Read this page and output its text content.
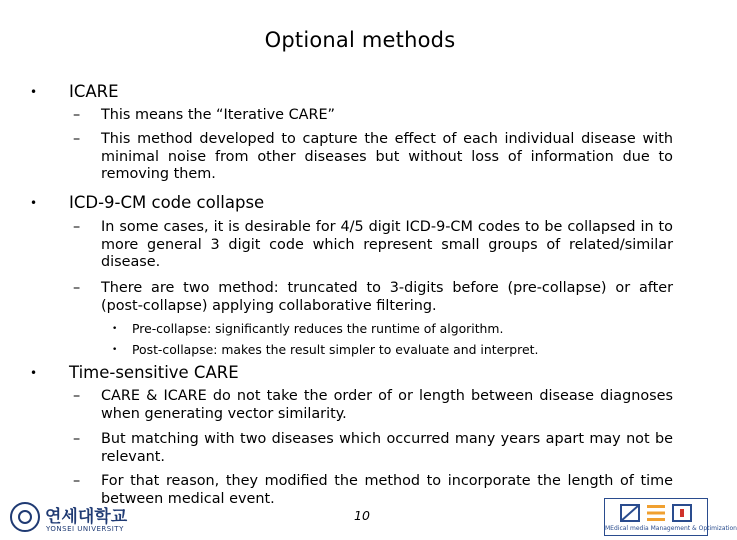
Optional methods
• ICARE
– This means the “Iterative CARE”
– This method developed to capture the effect of each individual disease with minimal noise from other diseases but without loss of information due to removing them.
• ICD-9-CM code collapse
– In some cases, it is desirable for 4/5 digit ICD-9-CM codes to be collapsed in to more general 3 digit code which represent small groups of related/similar disease.
– There are two method: truncated to 3-digits before (pre-collapse) or after (post-collapse) applying collaborative filtering.
• Pre-collapse: significantly reduces the runtime of algorithm.
• Post-collapse: makes the result simpler to evaluate and interpret.
• Time-sensitive CARE
– CARE & ICARE do not take the order of or length between disease diagnoses when generating vector similarity.
– But matching with two diseases which occurred many years apart may not be relevant.
– For that reason, they modified the method to incorporate the length of time between medical event.
연세대학교
YONSEI UNIVERSITY
10
MEdical media Management & Optimization
